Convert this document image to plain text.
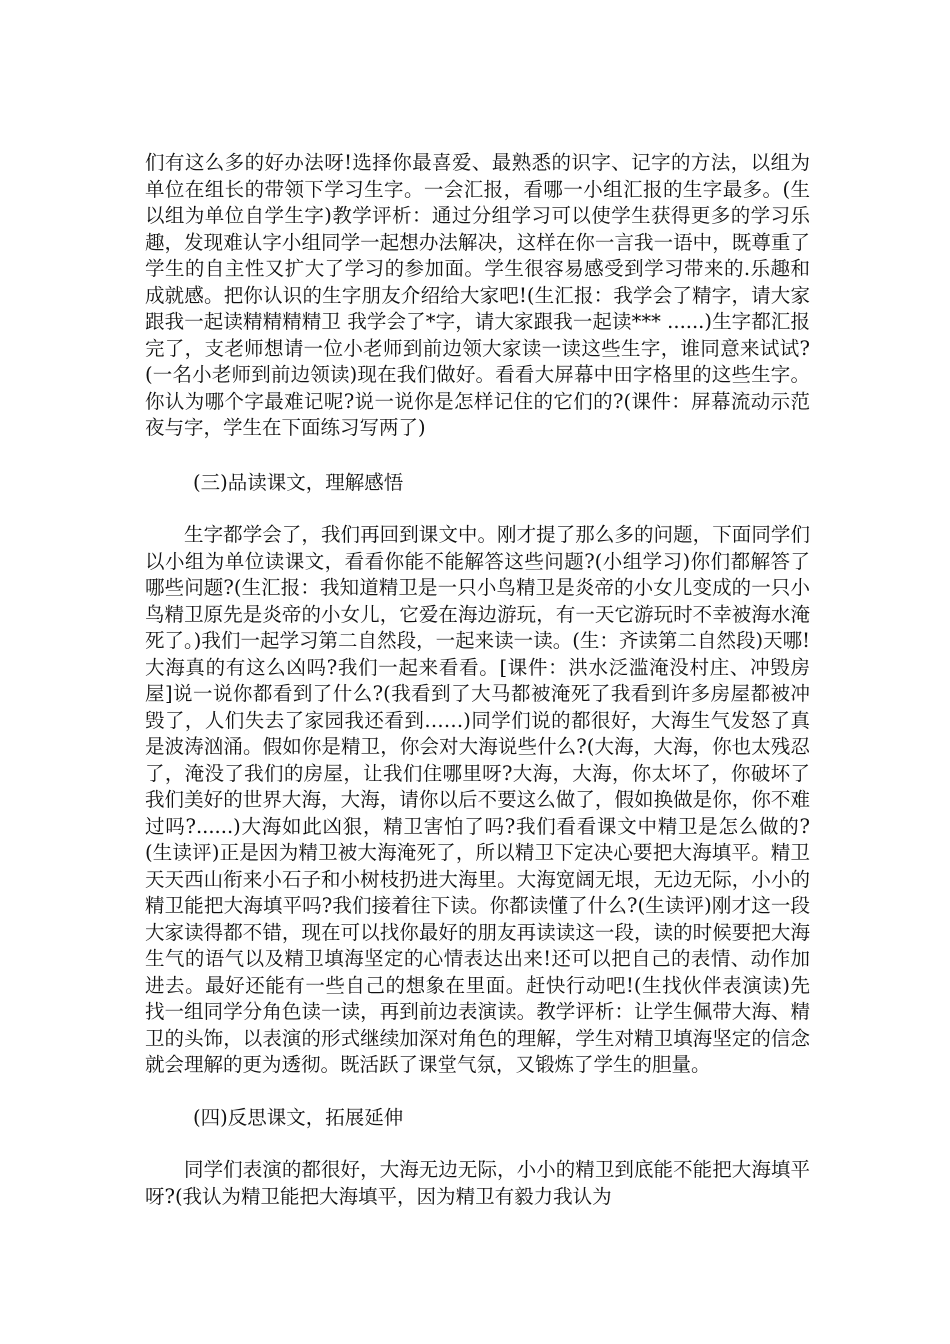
们有这么多的好办法呀!选择你最喜爱、最熟悉的识字、记字的方法，以组为单位在组长的带领下学习生字。一会汇报，看哪一小组汇报的生字最多。(生以组为单位自学生字)教学评析：通过分组学习可以使学生获得更多的学习乐趣，发现难认字小组同学一起想办法解决，这样在你一言我一语中，既尊重了学生的自主性又扩大了学习的参加面。学生很容易感受到学习带来的.乐趣和成就感。把你认识的生字朋友介绍给大家吧!(生汇报：我学会了精字，请大家跟我一起读精精精精卫 我学会了*字，请大家跟我一起读*** ......)生字都汇报完了，支老师想请一位小老师到前边领大家读一读这些生字，谁同意来试试?(一名小老师到前边领读)现在我们做好。看看大屏幕中田字格里的这些生字。你认为哪个字最难记呢?说一说你是怎样记住的它们的?(课件：屏幕流动示范夜与字，学生在下面练习写两了)

(三)品读课文，理解感悟

生字都学会了，我们再回到课文中。刚才提了那么多的问题，下面同学们以小组为单位读课文，看看你能不能解答这些问题?(小组学习)你们都解答了哪些问题?(生汇报：我知道精卫是一只小鸟精卫是炎帝的小女儿变成的一只小鸟精卫原先是炎帝的小女儿，它爱在海边游玩，有一天它游玩时不幸被海水淹死了。)我们一起学习第二自然段，一起来读一读。(生：齐读第二自然段)天哪!大海真的有这么凶吗?我们一起来看看。[课件：洪水泛滥淹没村庄、冲毁房屋]说一说你都看到了什么?(我看到了大马都被淹死了我看到许多房屋都被冲毁了，人们失去了家园我还看到……)同学们说的都很好，大海生气发怒了真是波涛汹涌。假如你是精卫，你会对大海说些什么?(大海，大海，你也太残忍了，淹没了我们的房屋，让我们住哪里呀?大海，大海，你太坏了，你破坏了我们美好的世界大海，大海，请你以后不要这么做了，假如换做是你，你不难过吗?......)大海如此凶狠，精卫害怕了吗?我们看看课文中精卫是怎么做的?(生读评)正是因为精卫被大海淹死了，所以精卫下定决心要把大海填平。精卫天天西山衔来小石子和小树枝扔进大海里。大海宽阔无垠，无边无际，小小的精卫能把大海填平吗?我们接着往下读。你都读懂了什么?(生读评)刚才这一段大家读得都不错，现在可以找你最好的朋友再读读这一段，读的时候要把大海生气的语气以及精卫填海坚定的心情表达出来!还可以把自己的表情、动作加进去。最好还能有一些自己的想象在里面。赶快行动吧!(生找伙伴表演读)先找一组同学分角色读一读，再到前边表演读。教学评析：让学生佩带大海、精卫的头饰，以表演的形式继续加深对角色的理解，学生对精卫填海坚定的信念就会理解的更为透彻。既活跃了课堂气氛，又锻炼了学生的胆量。

(四)反思课文，拓展延伸

同学们表演的都很好，大海无边无际，小小的精卫到底能不能把大海填平呀?(我认为精卫能把大海填平，因为精卫有毅力我认为
